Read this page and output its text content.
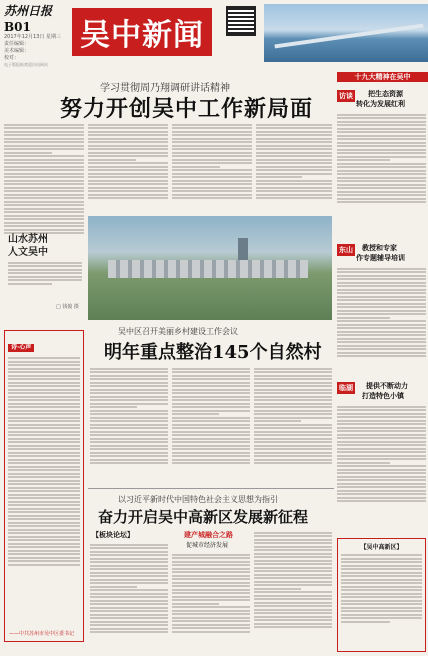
苏州日报
B01
2017年12月13日 星期三
责任编辑：
美术编辑：
校对：
吴中新闻
电子版报纸欢迎访问网站
学习贯彻周乃翔调研讲话精神
努力开创吴中工作新局面
山水苏州
人文吴中
□ 钱俊 摄
十九大精神在吴中
访谈 把生态资源
转化为发展红利
东山 教授和专家
作专题辅导培训
临湖 提供不断动力
打造特色小镇
【吴中高新区】
诗·心声
——中共苏州市吴中区委书记
吴中区召开美丽乡村建设工作会议
明年重点整治145个自然村
以习近平新时代中国特色社会主义思想为指引
奋力开启吴中高新区发展新征程
【板块论坛】	建产城融合之路
促城市经济发展
